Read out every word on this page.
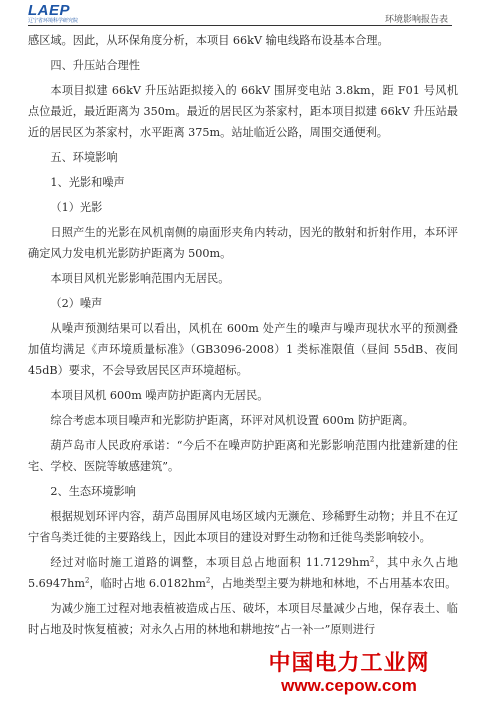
LAEP
辽宁省环境科学研究院	环境影响报告表

感区域。因此，从环保角度分析，本项目 66kV 输电线路布设基本合理。

四、升压站合理性

本项目拟建 66kV 升压站距拟接入的 66kV 围屏变电站 3.8km，距 F01 号风机点位最近，最近距离为 350m。最近的居民区为茶家村，距本项目拟建 66kV 升压站最近的居民区为茶家村，水平距离 375m。站址临近公路，周围交通便利。

五、环境影响

1、光影和噪声

（1）光影

日照产生的光影在风机南侧的扇面形夹角内转动，因光的散射和折射作用，本环评确定风力发电机光影防护距离为 500m。

本项目风机光影影响范围内无居民。

（2）噪声

从噪声预测结果可以看出，风机在 600m 处产生的噪声与噪声现状水平的预测叠加值均满足《声环境质量标准》（GB3096-2008）1 类标准限值（昼间 55dB、夜间 45dB）要求，不会导致居民区声环境超标。

本项目风机 600m 噪声防护距离内无居民。

综合考虑本项目噪声和光影防护距离，环评对风机设置 600m 防护距离。

葫芦岛市人民政府承诺：“今后不在噪声防护距离和光影影响范围内批建新建的住宅、学校、医院等敏感建筑”。

2、生态环境影响

根据规划环评内容，葫芦岛围屏风电场区域内无濒危、珍稀野生动物；并且不在辽宁省鸟类迁徙的主要路线上，因此本项目的建设对野生动物和迁徙鸟类影响较小。

经过对临时施工道路的调整，本项目总占地面积 $11.7129hm^2$，其中永久占地 $5.6947hm^2$，临时占地 $6.0182hm^2$，占地类型主要为耕地和林地，不占用基本农田。

为减少施工过程对地表植被造成占压、破坏，本项目尽量减少占地，保存表土、临时占地及时恢复植被；对永久占用的林地和耕地按“占一补一”原则进行

中国电力工业网
www.cepow.com
